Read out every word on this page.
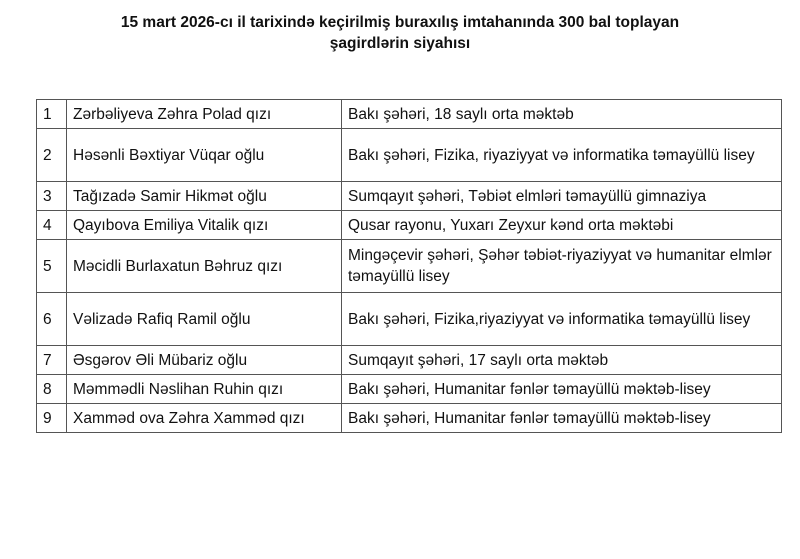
15 mart 2026-cı il tarixində keçirilmiş buraxılış imtahanında 300 bal toplayan
şagirdlərin siyahısı
1	Zərbəliyeva Zəhra Polad qızı	Bakı şəhəri, 18 saylı orta məktəb
2	Həsənli Bəxtiyar Vüqar oğlu	Bakı şəhəri, Fizika, riyaziyyat və informatika təmayüllü lisey
3	Tağızadə Samir Hikmət oğlu	Sumqayıt şəhəri, Təbiət elmləri təmayüllü gimnaziya
4	Qayıbova Emiliya Vitalik qızı	Qusar rayonu, Yuxarı Zeyxur kənd orta məktəbi
5	Məcidli Burlaxatun Bəhruz qızı	Mingəçevir şəhəri, Şəhər təbiət-riyaziyyat və humanitar elmlər təmayüllü lisey
6	Vəlizadə Rafiq Ramil oğlu	Bakı şəhəri, Fizika,riyaziyyat və informatika təmayüllü lisey
7	Əsgərov Əli Mübariz oğlu	Sumqayıt şəhəri, 17 saylı orta məktəb
8	Məmmədli Nəslihan Ruhin qızı	Bakı şəhəri, Humanitar fənlər təmayüllü məktəb-lisey
9	Xamməd ova Zəhra Xamməd qızı	Bakı şəhəri, Humanitar fənlər təmayüllü məktəb-lisey
